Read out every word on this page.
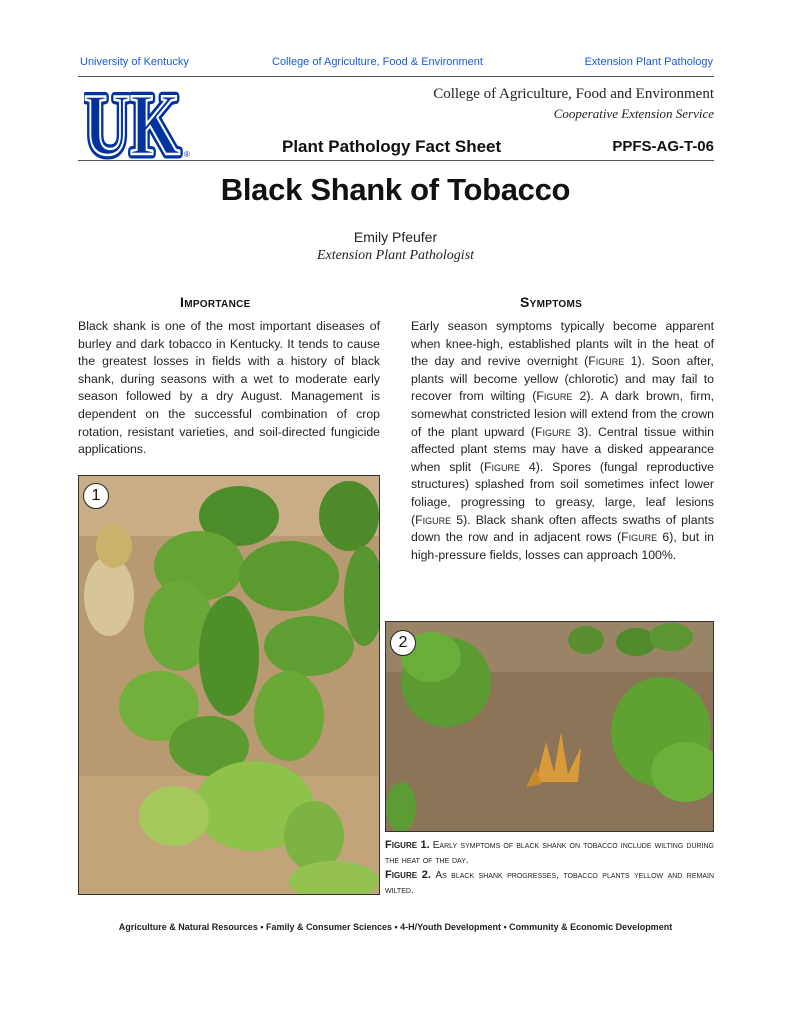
University of Kentucky	College of Agriculture, Food & Environment	Extension Plant Pathology
UK
UK ®
College of Agriculture, Food and Environment
Cooperative Extension Service
Plant Pathology Fact Sheet	PPFS-AG-T-06
Black Shank of Tobacco
Emily Pfeufer
Extension Plant Pathologist
Importance

Black shank is one of the most important diseases of burley and dark tobacco in Kentucky. It tends to cause the greatest losses in fields with a history of black shank, during seasons with a wet to moderate early season followed by a dry August. Management is dependent on the successful combination of crop rotation, resistant varieties, and soil-directed fungicide applications.

Symptoms

Early season symptoms typically become apparent when knee-high, established plants wilt in the heat of the day and revive overnight (Figure 1). Soon after, plants will become yellow (chlorotic) and may fail to recover from wilting (Figure 2). A dark brown, firm, somewhat constricted lesion will extend from the crown of the plant upward (Figure 3). Central tissue within affected plant stems may have a disked appearance when split (Figure 4). Spores (fungal reproductive structures) splashed from soil sometimes infect lower foliage, progressing to greasy, large, leaf lesions (Figure 5). Black shank often affects swaths of plants down the row and in adjacent rows (Figure 6), but in high-pressure fields, losses can approach 100%.

1
2

Figure 1. Early symptoms of black shank on tobacco include wilting during the heat of the day.

Figure 2. As black shank progresses, tobacco plants yellow and remain wilted.

Agriculture & Natural Resources • Family & Consumer Sciences • 4-H/Youth Development • Community & Economic Development
